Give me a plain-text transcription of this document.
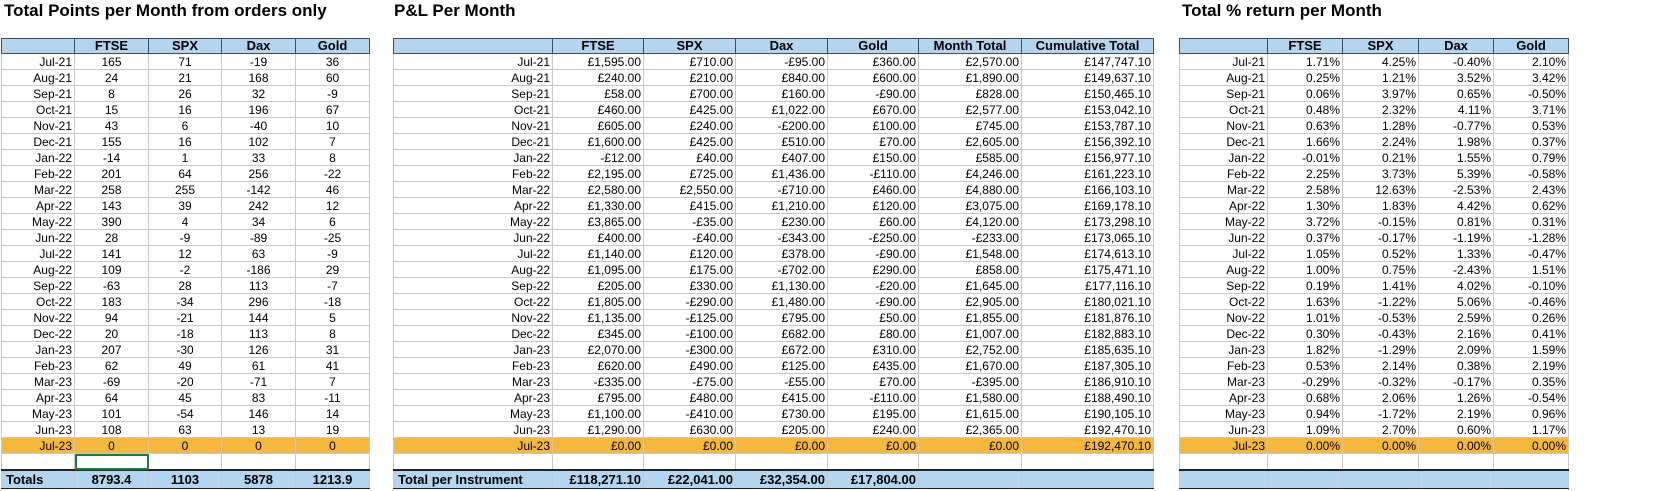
Total Points per Month from orders only	P&L Per Month	Total % return per Month
	FTSE	SPX	Dax	Gold
Jul-21	165	71	-19	36
Aug-21	24	21	168	60
Sep-21	8	26	32	-9
Oct-21	15	16	196	67
Nov-21	43	6	-40	10
Dec-21	155	16	102	7
Jan-22	-14	1	33	8
Feb-22	201	64	256	-22
Mar-22	258	255	-142	46
Apr-22	143	39	242	12
May-22	390	4	34	6
Jun-22	28	-9	-89	-25
Jul-22	141	12	63	-9
Aug-22	109	-2	-186	29
Sep-22	-63	28	113	-7
Oct-22	183	-34	296	-18
Nov-22	94	-21	144	5
Dec-22	20	-18	113	8
Jan-23	207	-30	126	31
Feb-23	62	49	61	41
Mar-23	-69	-20	-71	7
Apr-23	64	45	83	-11
May-23	101	-54	146	14
Jun-23	108	63	13	19
Jul-23	0	0	0	0

Totals	8793.4	1103	5878	1213.9
	FTSE	SPX	Dax	Gold	Month Total	Cumulative Total
Jul-21	£1,595.00	£710.00	-£95.00	£360.00	£2,570.00	£147,747.10
Aug-21	£240.00	£210.00	£840.00	£600.00	£1,890.00	£149,637.10
Sep-21	£58.00	£700.00	£160.00	-£90.00	£828.00	£150,465.10
Oct-21	£460.00	£425.00	£1,022.00	£670.00	£2,577.00	£153,042.10
Nov-21	£605.00	£240.00	-£200.00	£100.00	£745.00	£153,787.10
Dec-21	£1,600.00	£425.00	£510.00	£70.00	£2,605.00	£156,392.10
Jan-22	-£12.00	£40.00	£407.00	£150.00	£585.00	£156,977.10
Feb-22	£2,195.00	£725.00	£1,436.00	-£110.00	£4,246.00	£161,223.10
Mar-22	£2,580.00	£2,550.00	-£710.00	£460.00	£4,880.00	£166,103.10
Apr-22	£1,330.00	£415.00	£1,210.00	£120.00	£3,075.00	£169,178.10
May-22	£3,865.00	-£35.00	£230.00	£60.00	£4,120.00	£173,298.10
Jun-22	£400.00	-£40.00	-£343.00	-£250.00	-£233.00	£173,065.10
Jul-22	£1,140.00	£120.00	£378.00	-£90.00	£1,548.00	£174,613.10
Aug-22	£1,095.00	£175.00	-£702.00	£290.00	£858.00	£175,471.10
Sep-22	£205.00	£330.00	£1,130.00	-£20.00	£1,645.00	£177,116.10
Oct-22	£1,805.00	-£290.00	£1,480.00	-£90.00	£2,905.00	£180,021.10
Nov-22	£1,135.00	-£125.00	£795.00	£50.00	£1,855.00	£181,876.10
Dec-22	£345.00	-£100.00	£682.00	£80.00	£1,007.00	£182,883.10
Jan-23	£2,070.00	-£300.00	£672.00	£310.00	£2,752.00	£185,635.10
Feb-23	£620.00	£490.00	£125.00	£435.00	£1,670.00	£187,305.10
Mar-23	-£335.00	-£75.00	-£55.00	£70.00	-£395.00	£186,910.10
Apr-23	£795.00	£480.00	£415.00	-£110.00	£1,580.00	£188,490.10
May-23	£1,100.00	-£410.00	£730.00	£195.00	£1,615.00	£190,105.10
Jun-23	£1,290.00	£630.00	£205.00	£240.00	£2,365.00	£192,470.10
Jul-23	£0.00	£0.00	£0.00	£0.00	£0.00	£192,470.10

Total per Instrument	£118,271.10	£22,041.00	£32,354.00	£17,804.00		
	FTSE	SPX	Dax	Gold
Jul-21	1.71%	4.25%	-0.40%	2.10%
Aug-21	0.25%	1.21%	3.52%	3.42%
Sep-21	0.06%	3.97%	0.65%	-0.50%
Oct-21	0.48%	2.32%	4.11%	3.71%
Nov-21	0.63%	1.28%	-0.77%	0.53%
Dec-21	1.66%	2.24%	1.98%	0.37%
Jan-22	-0.01%	0.21%	1.55%	0.79%
Feb-22	2.25%	3.73%	5.39%	-0.58%
Mar-22	2.58%	12.63%	-2.53%	2.43%
Apr-22	1.30%	1.83%	4.42%	0.62%
May-22	3.72%	-0.15%	0.81%	0.31%
Jun-22	0.37%	-0.17%	-1.19%	-1.28%
Jul-22	1.05%	0.52%	1.33%	-0.47%
Aug-22	1.00%	0.75%	-2.43%	1.51%
Sep-22	0.19%	1.41%	4.02%	-0.10%
Oct-22	1.63%	-1.22%	5.06%	-0.46%
Nov-22	1.01%	-0.53%	2.59%	0.26%
Dec-22	0.30%	-0.43%	2.16%	0.41%
Jan-23	1.82%	-1.29%	2.09%	1.59%
Feb-23	0.53%	2.14%	0.38%	2.19%
Mar-23	-0.29%	-0.32%	-0.17%	0.35%
Apr-23	0.68%	2.06%	1.26%	-0.54%
May-23	0.94%	-1.72%	2.19%	0.96%
Jun-23	1.09%	2.70%	0.60%	1.17%
Jul-23	0.00%	0.00%	0.00%	0.00%
